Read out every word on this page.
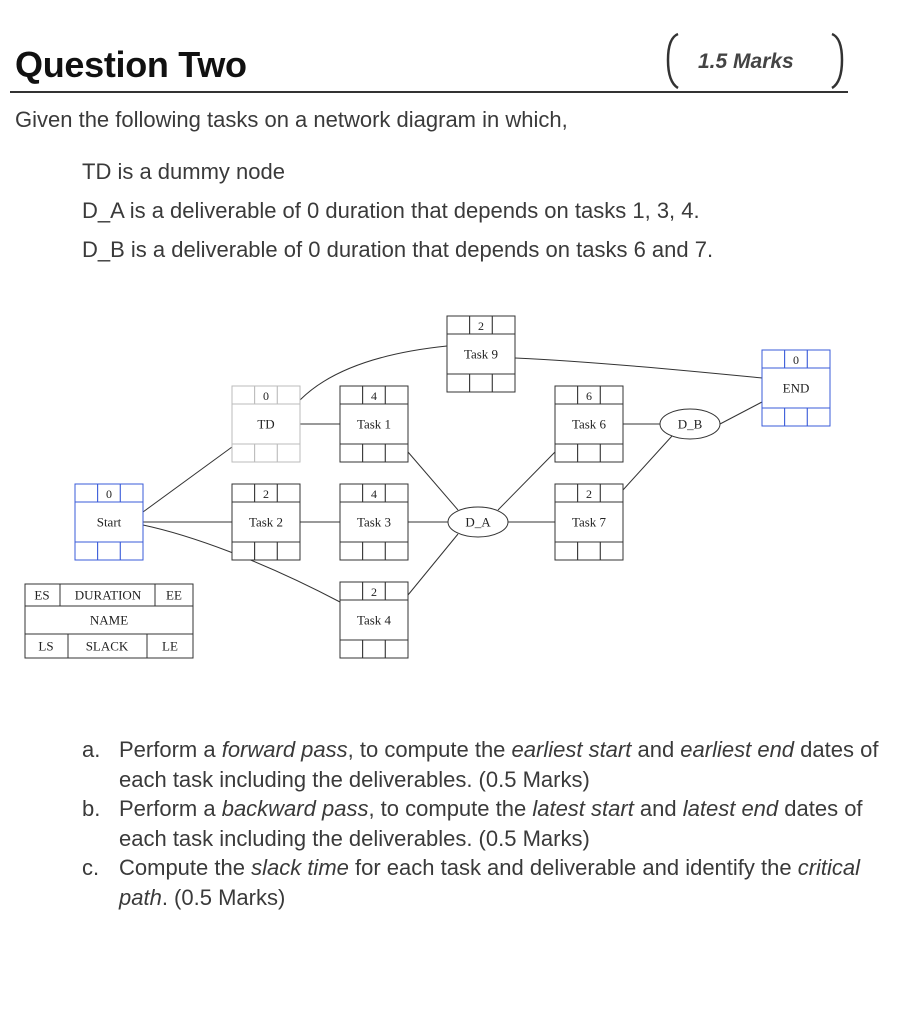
Question Two	1.5 Marks
Given the following tasks on a network diagram in which,
TD is a dummy node
D_A is a deliverable of 0 duration that depends on tasks 1, 3, 4.
D_B is a deliverable of 0 duration that depends on tasks 6 and 7.
2
Task 9
0
TD
4
Task 1
6
Task 6
0
END
0
Start
2
Task 2
4
Task 3
2
Task 7
2
Task 4
D_A
D_B
ES DURATION EE
NAME
LS SLACK	LE
a. Perform a forward pass, to compute the earliest start and earliest end dates of each task including the deliverables. (0.5 Marks)
b. Perform a backward pass, to compute the latest start and latest end dates of each task including the deliverables. (0.5 Marks)
c. Compute the slack time for each task and deliverable and identify the critical path. (0.5 Marks)
